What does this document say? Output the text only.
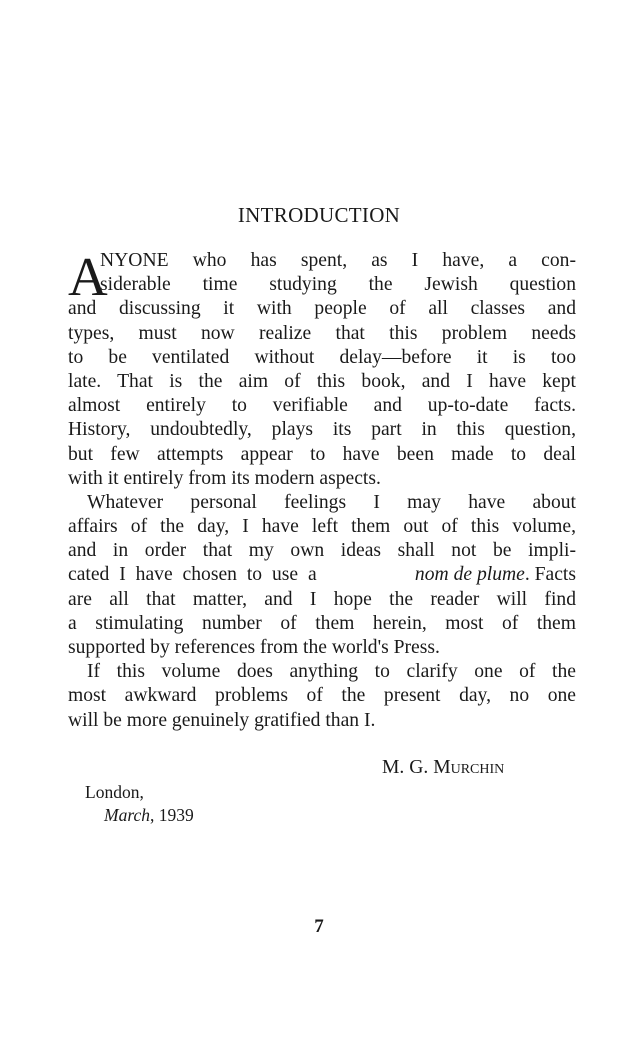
INTRODUCTION
A
NYONE who has spent, as I have, a con-
siderable time studying the Jewish question
and discussing it with people of all classes and
types, must now realize that this problem needs
to be ventilated without delay—before it is too
late. That is the aim of this book, and I have kept
almost entirely to verifiable and up-to-date facts.
History, undoubtedly, plays its part in this question,
but few attempts appear to have been made to deal
with it entirely from its modern aspects.
Whatever personal feelings I may have about
affairs of the day, I have left them out of this volume,
and in order that my own ideas shall not be impli-
cated I have chosen to use a	nom de plume. Facts
are all that matter, and I hope the reader will find
a stimulating number of them herein, most of them
supported by references from the world's Press.
If this volume does anything to clarify one of the
most awkward problems of the present day, no one
will be more genuinely gratified than I.
M. G. Murchin
London,
March, 1939
7
